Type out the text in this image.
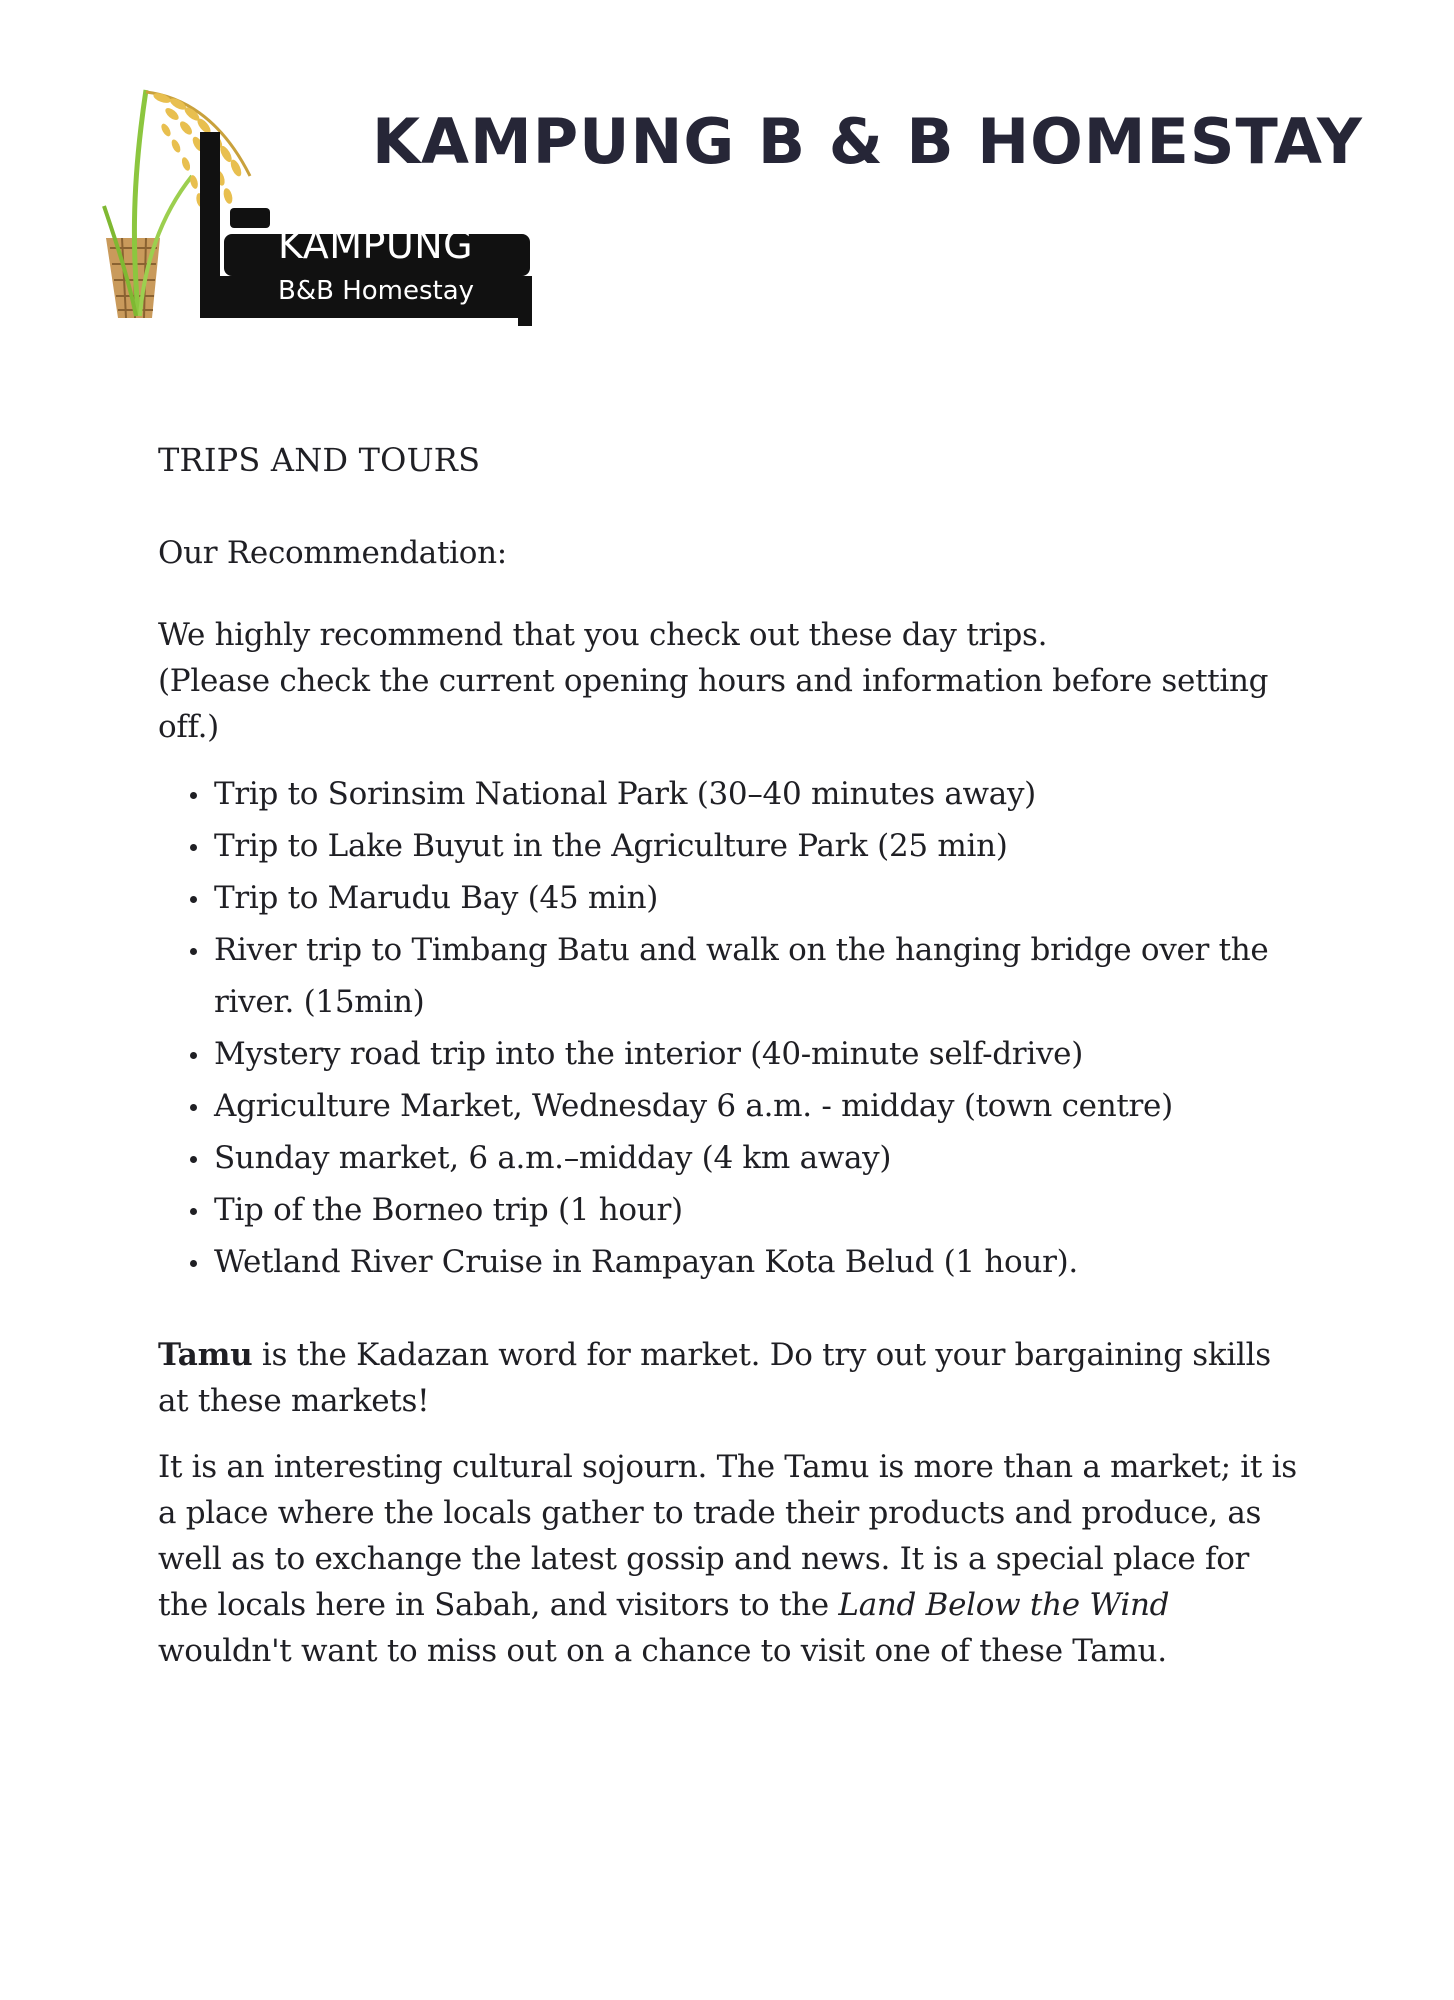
KAMPUNG
B&B Homestay
KAMPUNG B & B HOMESTAY
TRIPS AND TOURS

Our Recommendation:

We highly recommend that you check out these day trips.
(Please check the current opening hours and information before setting off.)

Trip to Sorinsim National Park (30–40 minutes away)
Trip to Lake Buyut in the Agriculture Park (25 min)
Trip to Marudu Bay (45 min)
River trip to Timbang Batu and walk on the hanging bridge over the river. (15min)
Mystery road trip into the interior (40-minute self-drive)
Agriculture Market, Wednesday 6 a.m. - midday (town centre)
Sunday market, 6 a.m.–midday (4 km away)
Tip of the Borneo trip (1 hour)
Wetland River Cruise in Rampayan Kota Belud (1 hour).

Tamu is the Kadazan word for market. Do try out your bargaining skills at these markets!

It is an interesting cultural sojourn. The Tamu is more than a market; it is a place where the locals gather to trade their products and produce, as well as to exchange the latest gossip and news. It is a special place for the locals here in Sabah, and visitors to the Land Below the Wind wouldn't want to miss out on a chance to visit one of these Tamu.
